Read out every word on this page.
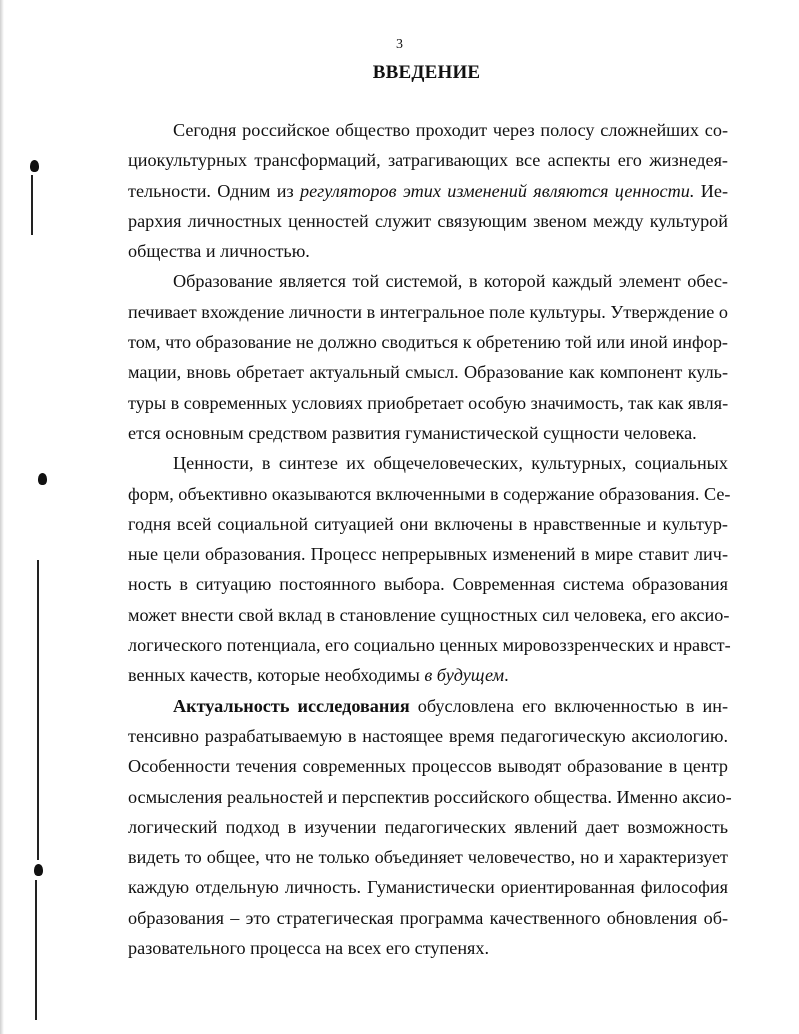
3
ВВЕДЕНИЕ
Сегодня российское общество проходит через полосу сложнейших со-
циокультурных трансформаций, затрагивающих все аспекты его жизнедея-
тельности. Одним из регуляторов этих изменений являются ценности. Ие-
рархия личностных ценностей служит связующим звеном между культурой
общества и личностью.
Образование является той системой, в которой каждый элемент обес-
печивает вхождение личности в интегральное поле культуры. Утверждение о
том, что образование не должно сводиться к обретению той или иной инфор-
мации, вновь обретает актуальный смысл. Образование как компонент куль-
туры в современных условиях приобретает особую значимость, так как явля-
ется основным средством развития гуманистической сущности человека.
Ценности, в синтезе их общечеловеческих, культурных, социальных
форм, объективно оказываются включенными в содержание образования. Се-
годня всей социальной ситуацией они включены в нравственные и культур-
ные цели образования. Процесс непрерывных изменений в мире ставит лич-
ность в ситуацию постоянного выбора. Современная система образования
может внести свой вклад в становление сущностных сил человека, его аксио-
логического потенциала, его социально ценных мировоззренческих и нравст-
венных качеств, которые необходимы в будущем.
Актуальность исследования обусловлена его включенностью в ин-
тенсивно разрабатываемую в настоящее время педагогическую аксиологию.
Особенности течения современных процессов выводят образование в центр
осмысления реальностей и перспектив российского общества. Именно аксио-
логический подход в изучении педагогических явлений дает возможность
видеть то общее, что не только объединяет человечество, но и характеризует
каждую отдельную личность. Гуманистически ориентированная философия
образования – это стратегическая программа качественного обновления об-
разовательного процесса на всех его ступенях.
